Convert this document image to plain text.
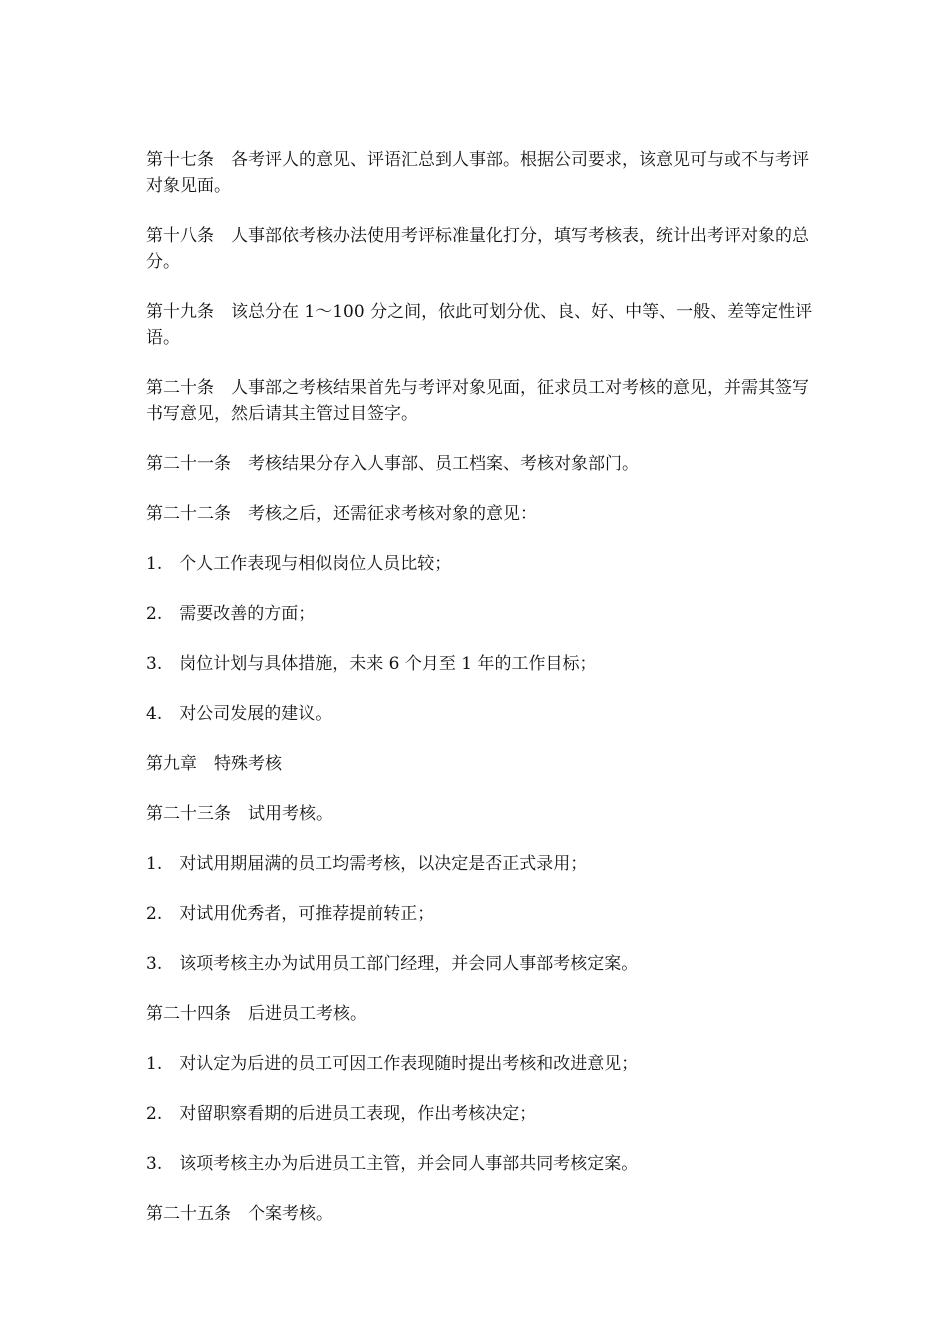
第十七条　各考评人的意见、评语汇总到人事部。根据公司要求，该意见可与或不与考评对象见面。

第十八条　人事部依考核办法使用考评标准量化打分，填写考核表，统计出考评对象的总分。

第十九条　该总分在 1～100 分之间，依此可划分优、良、好、中等、一般、差等定性评语。

第二十条　人事部之考核结果首先与考评对象见面，征求员工对考核的意见，并需其签写书写意见，然后请其主管过目签字。

第二十一条　考核结果分存入人事部、员工档案、考核对象部门。

第二十二条　考核之后，还需征求考核对象的意见：

1.　个人工作表现与相似岗位人员比较；

2.　需要改善的方面；

3.　岗位计划与具体措施，未来 6 个月至 1 年的工作目标；

4.　对公司发展的建议。

第九章　特殊考核

第二十三条　试用考核。

1.　对试用期届满的员工均需考核，以决定是否正式录用；

2.　对试用优秀者，可推荐提前转正；

3.　该项考核主办为试用员工部门经理，并会同人事部考核定案。

第二十四条　后进员工考核。

1.　对认定为后进的员工可因工作表现随时提出考核和改进意见；

2.　对留职察看期的后进员工表现，作出考核决定；

3.　该项考核主办为后进员工主管，并会同人事部共同考核定案。

第二十五条　个案考核。
